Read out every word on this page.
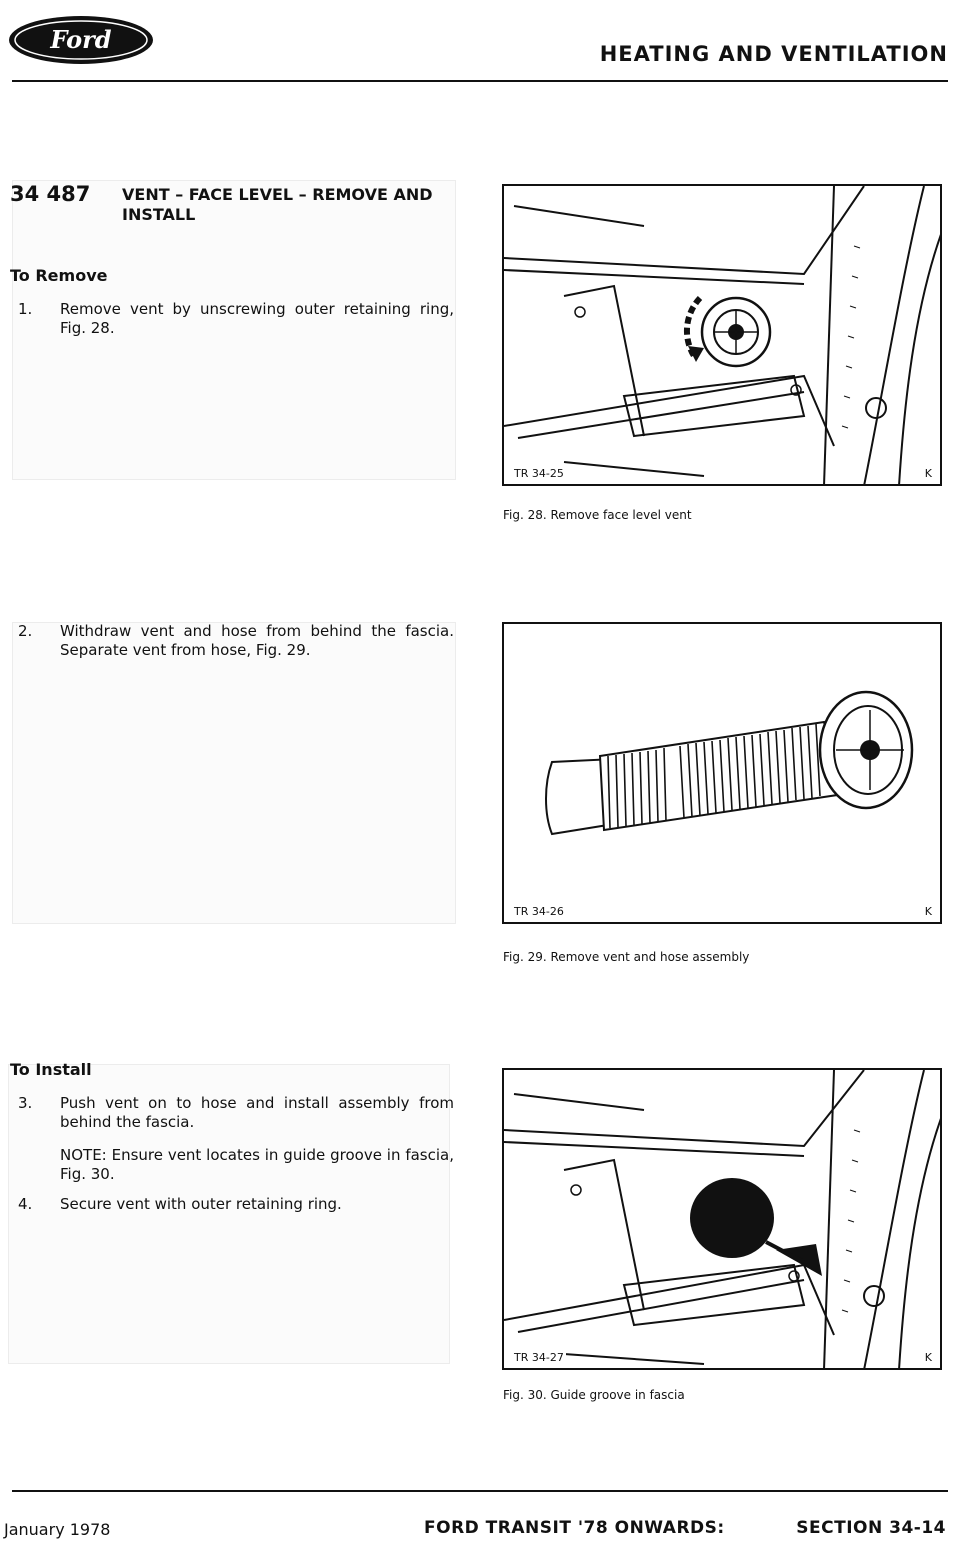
Ford	HEATING AND VENTILATION
34 487 VENT – FACE LEVEL – REMOVE AND INSTALL
To Remove
1.	Remove vent by unscrewing outer retaining ring, Fig. 28.
2.	Withdraw vent and hose from behind the fascia. Separate vent from hose, Fig. 29.
To Install
3.	Push vent on to hose and install assembly from behind the fascia.
NOTE: Ensure vent locates in guide groove in fascia, Fig. 30.
4.	Secure vent with outer retaining ring.
TR 34-25	K
Fig. 28. Remove face level vent
TR 34-26	K
Fig. 29. Remove vent and hose assembly
TR 34-27	K
Fig. 30. Guide groove in fascia
January 1978	FORD TRANSIT '78 ONWARDS:	SECTION 34-14
